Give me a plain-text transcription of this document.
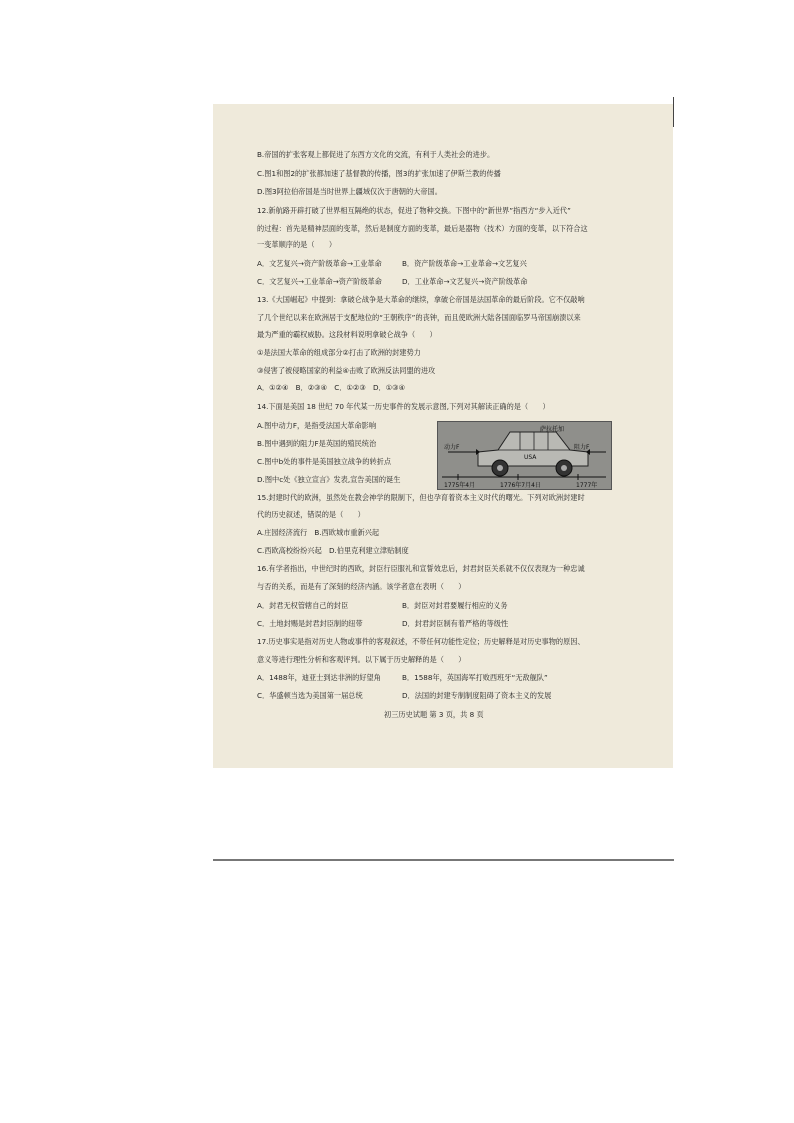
B.帝国的扩张客观上都促进了东西方文化的交流，有利于人类社会的进步。
C.图1和图2的扩张都加速了基督教的传播，图3的扩张加速了伊斯兰教的传播
D.图3阿拉伯帝国是当时世界上疆域仅次于唐朝的大帝国。
12.新航路开辟打破了世界相互隔绝的状态，促进了物种交换。下图中的“新世界”指西方“步入近代”
的过程：首先是精神层面的变革，然后是制度方面的变革，最后是器物（技术）方面的变革，以下符合这
一变革顺序的是（　　）
A．文艺复兴→资产阶级革命→工业革命	B．资产阶级革命→工业革命→文艺复兴
C．文艺复兴→工业革命→资产阶级革命	D．工业革命→文艺复兴→资产阶级革命
13.《大国崛起》中提到：拿破仑战争是大革命的继续，拿破仑帝国是法国革命的最后阶段。它不仅敲响
了几个世纪以来在欧洲居于支配地位的“王朝秩序”的丧钟，而且使欧洲大陆各国面临罗马帝国崩溃以来
最为严重的霸权威胁。这段材料说明拿破仑战争（　　）
①是法国大革命的组成部分②打击了欧洲的封建势力
③侵害了被侵略国家的利益④击败了欧洲反法同盟的进攻
A．①②④　B．②③④　C．①②③　D．①③④
14.下面是美国 18 世纪 70 年代某一历史事件的发展示意图,下列对其解读正确的是（　　）
A.图中动力F，是指受法国大革命影响
B.图中遇到的阻力F是英国的殖民统治
C.图中b处的事件是美国独立战争的转折点
D.图中c处《独立宣言》发表,宣告美国的诞生
萨拉托加
动力F
USA
阻力F
1775年4月	1776年7月4日	1777年
15.封建时代的欧洲，虽然处在教会神学的限制下，但也孕育着资本主义时代的曙光。下列对欧洲封建时
代的历史叙述，错误的是（　　）
A.庄园经济流行　B.西欧城市重新兴起
C.西欧高校纷纷兴起　D.伯里克利建立津贴制度
16.有学者指出，中世纪时的西欧，封臣行臣服礼和宣誓效忠后，封君封臣关系就不仅仅表现为一种忠诚
与否的关系，而是有了深刻的经济内涵。该学者意在表明（　　）
A．封君无权管辖自己的封臣	B．封臣对封君要履行相应的义务
C．土地封赐是封君封臣制的纽带	D．封君封臣制有着严格的等级性
17.历史事实是指对历史人物或事件的客观叙述，不带任何功能性定位；历史解释是对历史事物的原因、
意义等进行理性分析和客观评判。以下属于历史解释的是（　　）
A．1488年，迪亚士到达非洲的好望角	B．1588年，英国海军打败西班牙“无敌舰队”
C．华盛顿当选为美国第一届总统	D．法国的封建专制制度阻碍了资本主义的发展
初三历史试题 第 3 页，共 8 页
